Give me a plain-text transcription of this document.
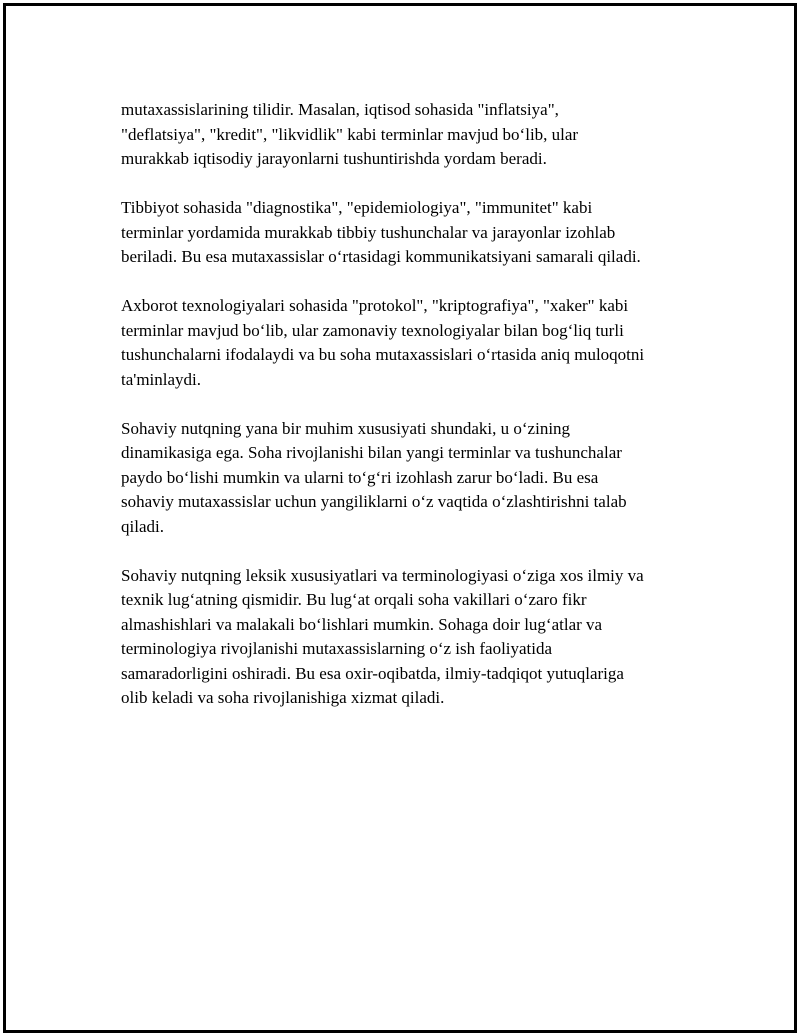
mutaxassislarining tilidir. Masalan, iqtisod sohasida "inflatsiya",
"deflatsiya", "kredit", "likvidlik" kabi terminlar mavjud bo‘lib, ular
murakkab iqtisodiy jarayonlarni tushuntirishda yordam beradi.

Tibbiyot sohasida "diagnostika", "epidemiologiya", "immunitet" kabi
terminlar yordamida murakkab tibbiy tushunchalar va jarayonlar izohlab
beriladi. Bu esa mutaxassislar o‘rtasidagi kommunikatsiyani samarali qiladi.

Axborot texnologiyalari sohasida "protokol", "kriptografiya", "xaker" kabi
terminlar mavjud bo‘lib, ular zamonaviy texnologiyalar bilan bog‘liq turli
tushunchalarni ifodalaydi va bu soha mutaxassislari o‘rtasida aniq muloqotni
ta'minlaydi.

Sohaviy nutqning yana bir muhim xususiyati shundaki, u o‘zining
dinamikasiga ega. Soha rivojlanishi bilan yangi terminlar va tushunchalar
paydo bo‘lishi mumkin va ularni to‘g‘ri izohlash zarur bo‘ladi. Bu esa
sohaviy mutaxassislar uchun yangiliklarni o‘z vaqtida o‘zlashtirishni talab
qiladi.

Sohaviy nutqning leksik xususiyatlari va terminologiyasi o‘ziga xos ilmiy va
texnik lug‘atning qismidir. Bu lug‘at orqali soha vakillari o‘zaro fikr
almashishlari va malakali bo‘lishlari mumkin. Sohaga doir lug‘atlar va
terminologiya rivojlanishi mutaxassislarning o‘z ish faoliyatida
samaradorligini oshiradi. Bu esa oxir-oqibatda, ilmiy-tadqiqot yutuqlariga
olib keladi va soha rivojlanishiga xizmat qiladi.
